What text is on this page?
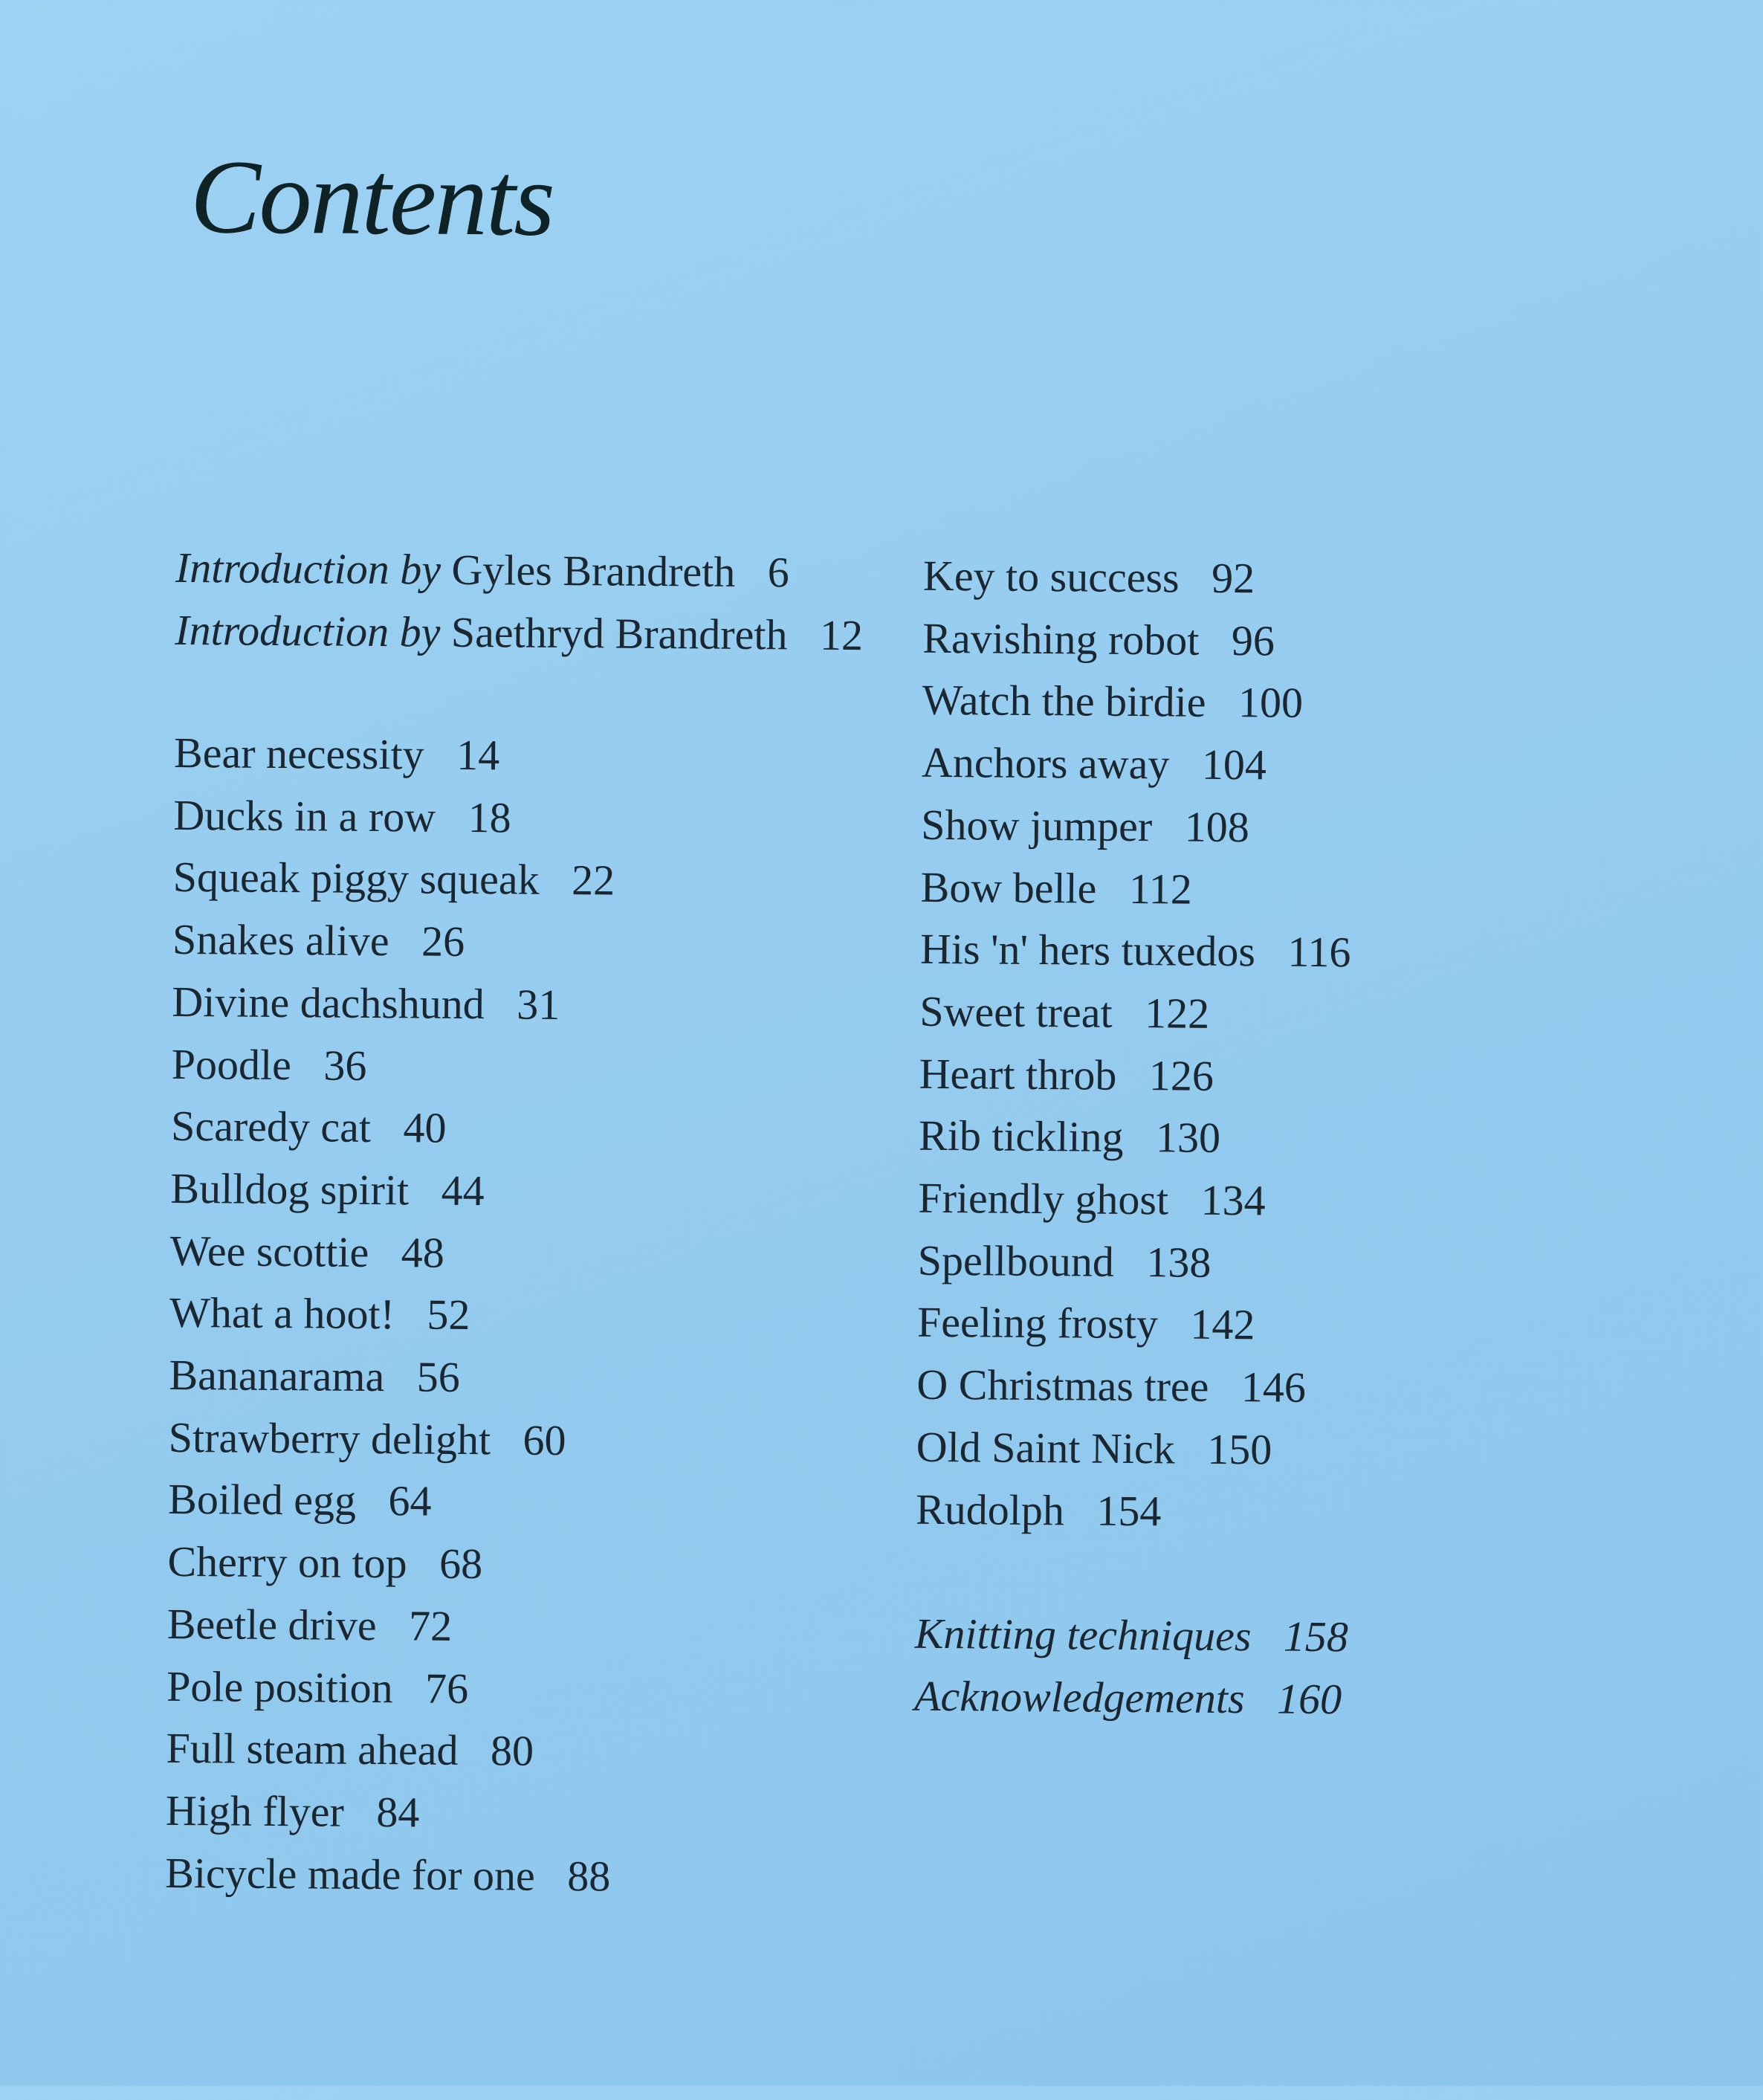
Contents
Introduction by Gyles Brandreth 6
Introduction by Saethryd Brandreth 12
Bear necessity 14
Ducks in a row 18
Squeak piggy squeak 22
Snakes alive 26
Divine dachshund 31
Poodle 36
Scaredy cat 40
Bulldog spirit 44
Wee scottie 48
What a hoot! 52
Bananarama 56
Strawberry delight 60
Boiled egg 64
Cherry on top 68
Beetle drive 72
Pole position 76
Full steam ahead 80
High flyer 84
Bicycle made for one 88
Key to success 92
Ravishing robot 96
Watch the birdie 100
Anchors away 104
Show jumper 108
Bow belle 112
His 'n' hers tuxedos 116
Sweet treat 122
Heart throb 126
Rib tickling 130
Friendly ghost 134
Spellbound 138
Feeling frosty 142
O Christmas tree 146
Old Saint Nick 150
Rudolph 154
Knitting techniques 158
Acknowledgements 160
